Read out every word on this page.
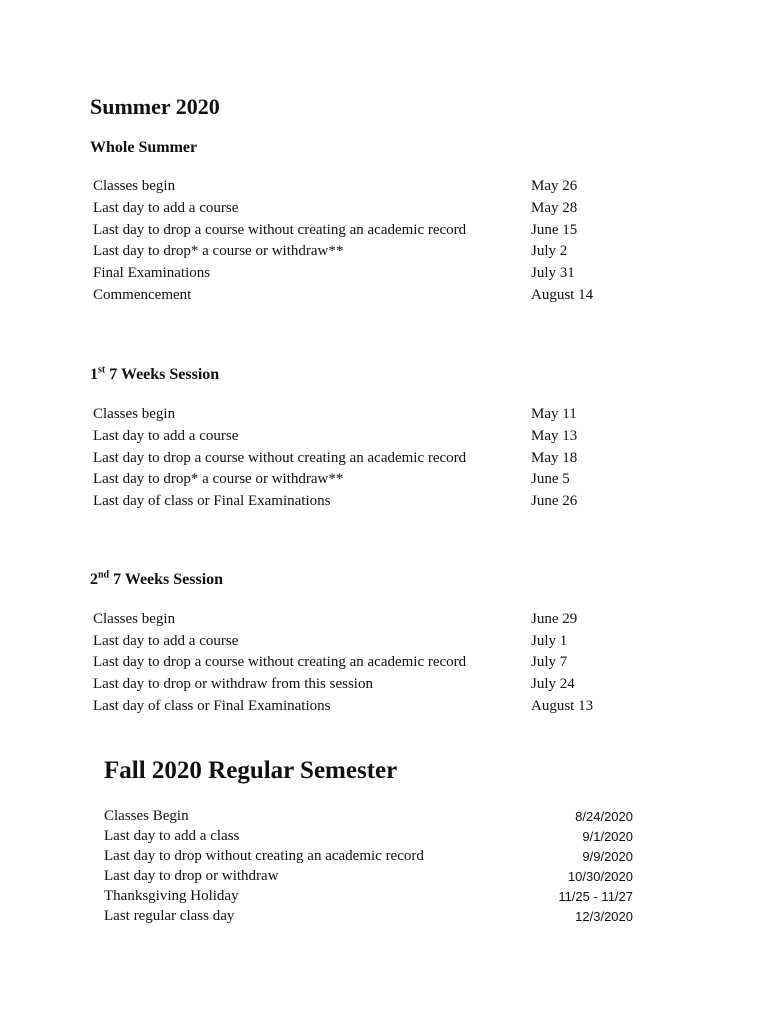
Summer 2020
Whole Summer
Classes begin	May 26
Last day to add a course	May 28
Last day to drop a course without creating an academic record	June 15
Last day to drop* a course or withdraw**	July 2
Final Examinations	July 31
Commencement	August 14
1st 7 Weeks Session
Classes begin	May 11
Last day to add a course	May 13
Last day to drop a course without creating an academic record	May 18
Last day to drop* a course or withdraw**	June 5
Last day of class or Final Examinations	June 26
2nd 7 Weeks Session
Classes begin	June 29
Last day to add a course	July 1
Last day to drop a course without creating an academic record	July 7
Last day to drop or withdraw from this session	July 24
Last day of class or Final Examinations	August 13
Fall 2020 Regular Semester
Classes Begin	8/24/2020
Last day to add a class	9/1/2020
Last day to drop without creating an academic record	9/9/2020
Last day to drop or withdraw	10/30/2020
Thanksgiving Holiday	11/25 - 11/27
Last regular class day	12/3/2020
